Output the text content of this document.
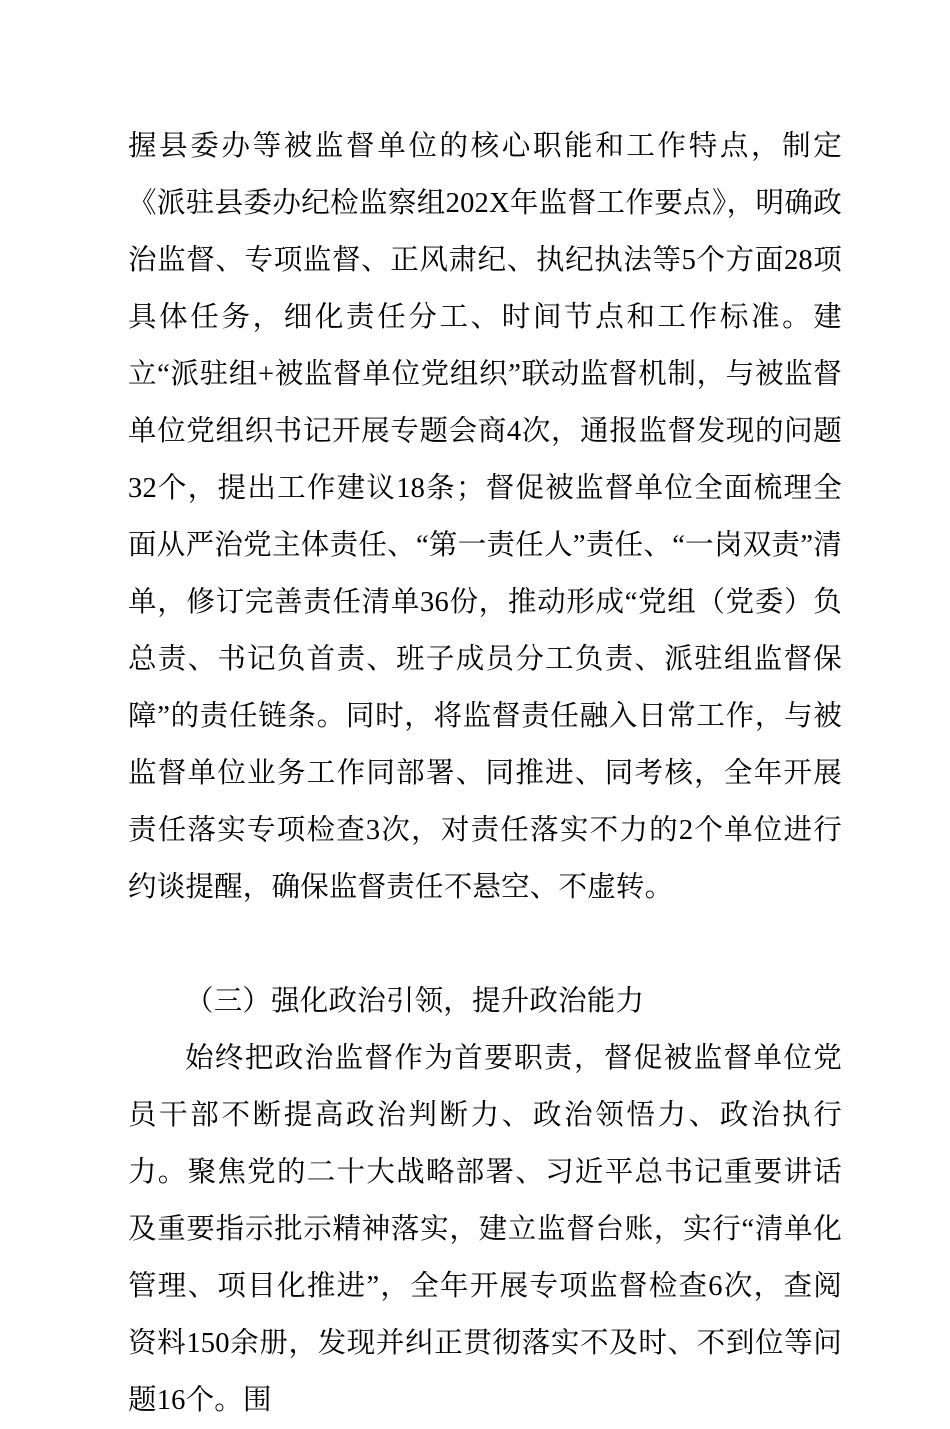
握县委办等被监督单位的核心职能和工作特点，制定《派驻县委办纪检监察组202X年监督工作要点》，明确政治监督、专项监督、正风肃纪、执纪执法等5个方面28项具体任务，细化责任分工、时间节点和工作标准。建立“派驻组+被监督单位党组织”联动监督机制，与被监督单位党组织书记开展专题会商4次，通报监督发现的问题32个，提出工作建议18条；督促被监督单位全面梳理全面从严治党主体责任、“第一责任人”责任、“一岗双责”清单，修订完善责任清单36份，推动形成“党组（党委）负总责、书记负首责、班子成员分工负责、派驻组监督保障”的责任链条。同时，将监督责任融入日常工作，与被监督单位业务工作同部署、同推进、同考核，全年开展责任落实专项检查3次，对责任落实不力的2个单位进行约谈提醒，确保监督责任不悬空、不虚转。

（三）强化政治引领，提升政治能力

始终把政治监督作为首要职责，督促被监督单位党员干部不断提高政治判断力、政治领悟力、政治执行力。聚焦党的二十大战略部署、习近平总书记重要讲话及重要指示批示精神落实，建立监督台账，实行“清单化管理、项目化推进”，全年开展专项监督检查6次，查阅资料150余册，发现并纠正贯彻落实不及时、不到位等问题16个。围
